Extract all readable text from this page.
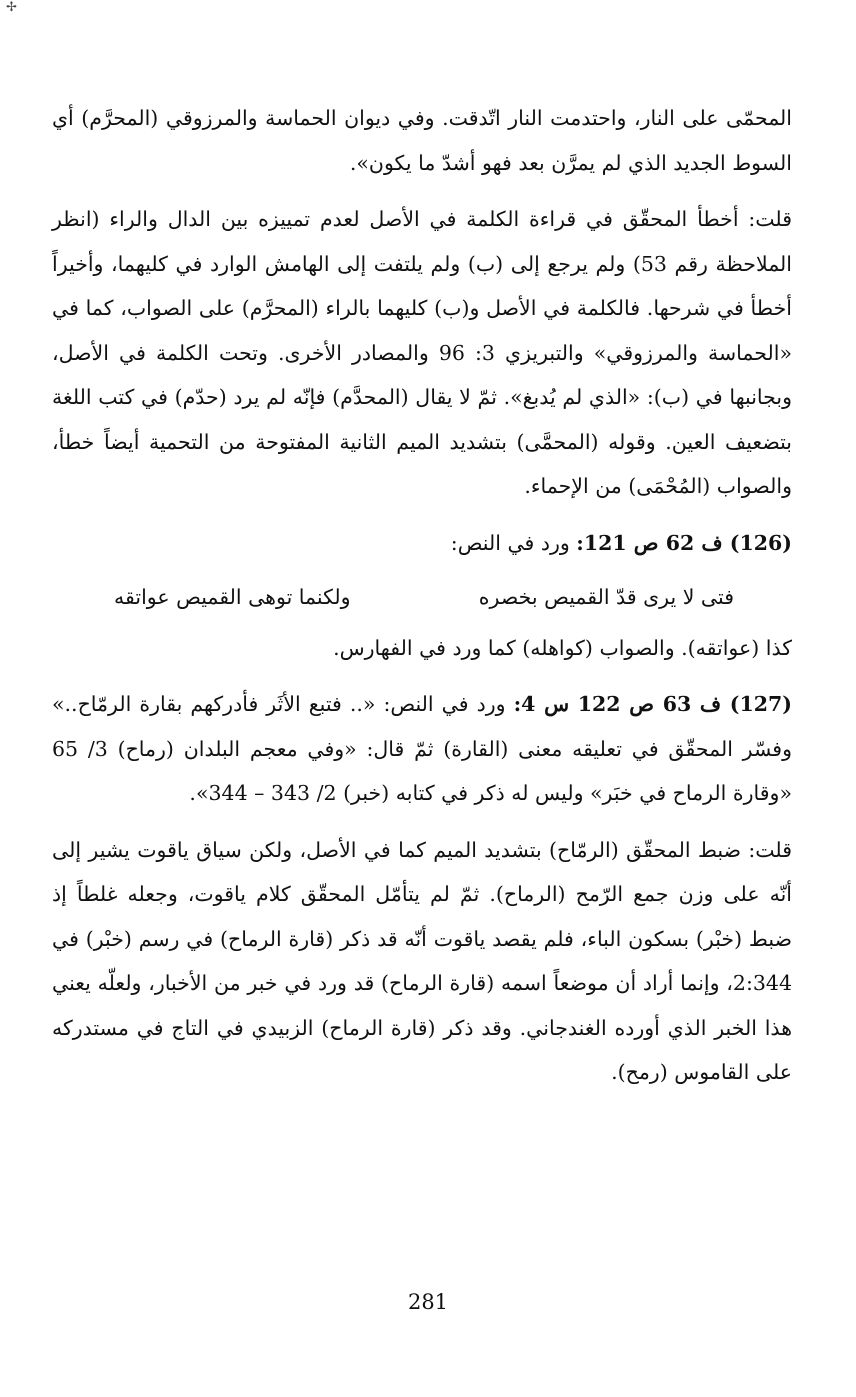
✢

المحمّى على النار، واحتدمت النار اتّدقت. وفي ديوان الحماسة والمرزوقي (المحرَّم) أي السوط الجديد الذي لم يمرَّن بعد فهو أشدّ ما يكون».

قلت: أخطأ المحقّق في قراءة الكلمة في الأصل لعدم تمييزه بين الدال والراء (انظر الملاحظة رقم 53) ولم يرجع إلى (ب) ولم يلتفت إلى الهامش الوارد في كليهما، وأخيراً أخطأ في شرحها. فالكلمة في الأصل و(ب) كليهما بالراء (المحرَّم) على الصواب، كما في «الحماسة والمرزوقي» والتبريزي 3: 96 والمصادر الأخرى. وتحت الكلمة في الأصل، وبجانبها في (ب): «الذي لم يُدبغ». ثمّ لا يقال (المحدَّم) فإنّه لم يرد (حدّم) في كتب اللغة بتضعيف العين. وقوله (المحمَّى) بتشديد الميم الثانية المفتوحة من التحمية أيضاً خطأ، والصواب (المُحْمَى) من الإحماء.

(126) ف 62 ص 121: ورد في النص:

فتى لا يرى قدّ القميص بخصره
ولكنما توهى القميص عواتقه

كذا (عواتقه). والصواب (كواهله) كما ورد في الفهارس.

(127) ف 63 ص 122 س 4: ورد في النص: «.. فتبع الأثَر فأدركهم بقارة الرمّاح..» وفسّر المحقّق في تعليقه معنى (القارة) ثمّ قال: «وفي معجم البلدان (رماح) 3/ 65 «وقارة الرماح في خبَر» وليس له ذكر في كتابه (خبر) 2/ 343 – 344».

قلت: ضبط المحقّق (الرمّاح) بتشديد الميم كما في الأصل، ولكن سياق ياقوت يشير إلى أنّه على وزن جمع الرّمح (الرماح). ثمّ لم يتأمّل المحقّق كلام ياقوت، وجعله غلطاً إذ ضبط (خبْر) بسكون الباء، فلم يقصد ياقوت أنّه قد ذكر (قارة الرماح) في رسم (خبْر) في 2:344، وإنما أراد أن موضعاً اسمه (قارة الرماح) قد ورد في خبر من الأخبار، ولعلّه يعني هذا الخبر الذي أورده الغندجاني. وقد ذكر (قارة الرماح) الزبيدي في التاج في مستدركه على القاموس (رمح).

281
